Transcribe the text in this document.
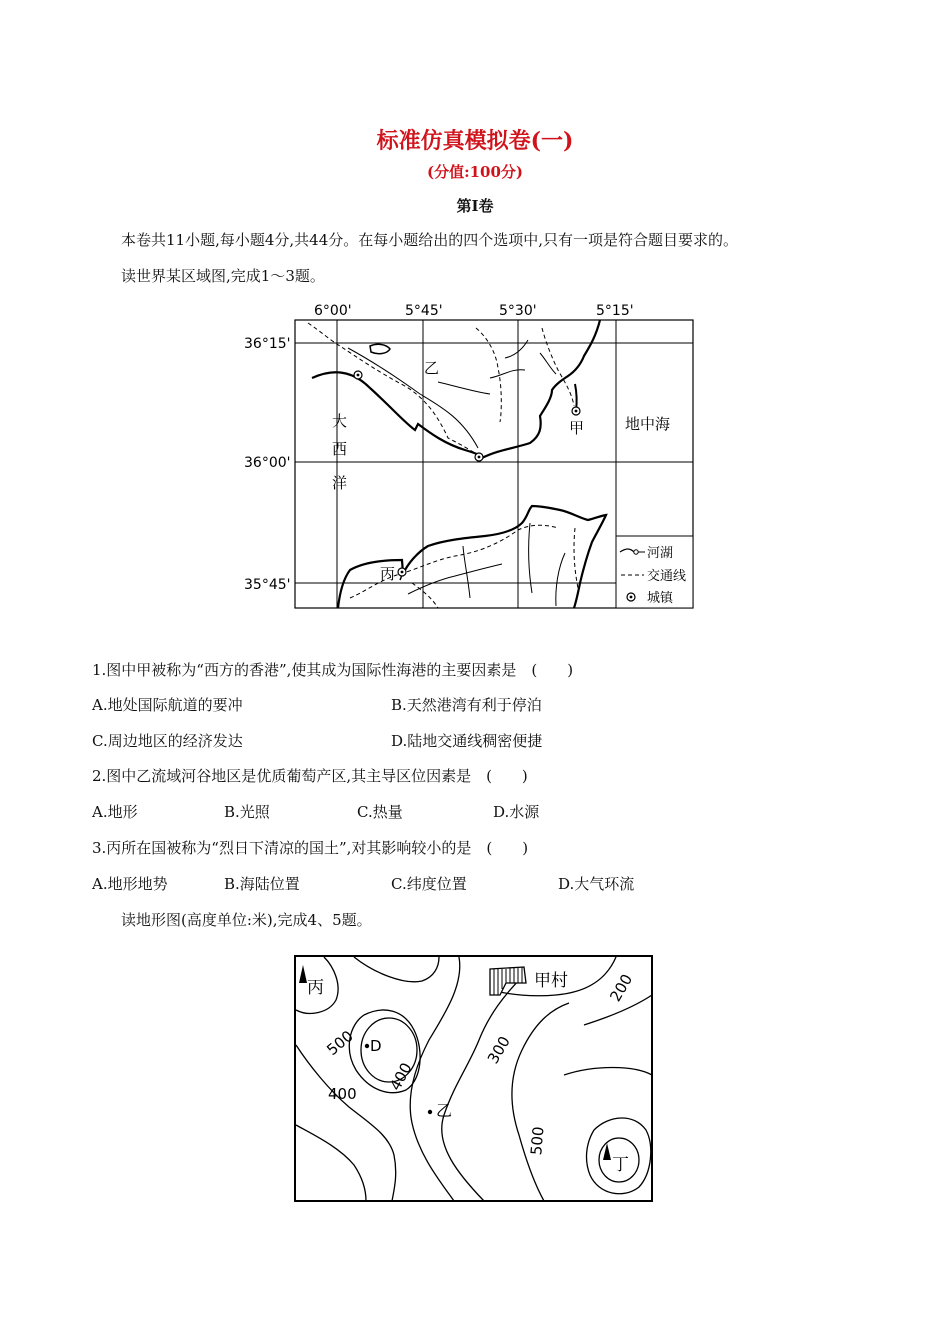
标准仿真模拟卷(一)
(分值:100分)
第Ⅰ卷
本卷共11小题,每小题4分,共44分。在每小题给出的四个选项中,只有一项是符合题目要求的。
读世界某区域图,完成1～3题。
6°00'	5°45'	5°30'	5°15'
36°15'
36°00'
35°45'
乙
甲
大
西
洋
地中海
丙
河湖
交通线
城镇
1.图中甲被称为“西方的香港”,使其成为国际性海港的主要因素是　(　　)
A.地处国际航道的要冲	B.天然港湾有利于停泊
C.周边地区的经济发达	D.陆地交通线稠密便捷
2.图中乙流域河谷地区是优质葡萄产区,其主导区位因素是　(　　)
A.地形	B.光照	C.热量	D.水源
3.丙所在国被称为“烈日下清凉的国土”,对其影响较小的是　(　　)
A.地形地势	B.海陆位置	C.纬度位置	D.大气环流
读地形图(高度单位:米),完成4、5题。
甲村
丙
丁
D
乙
200
500
400
400
300
500
